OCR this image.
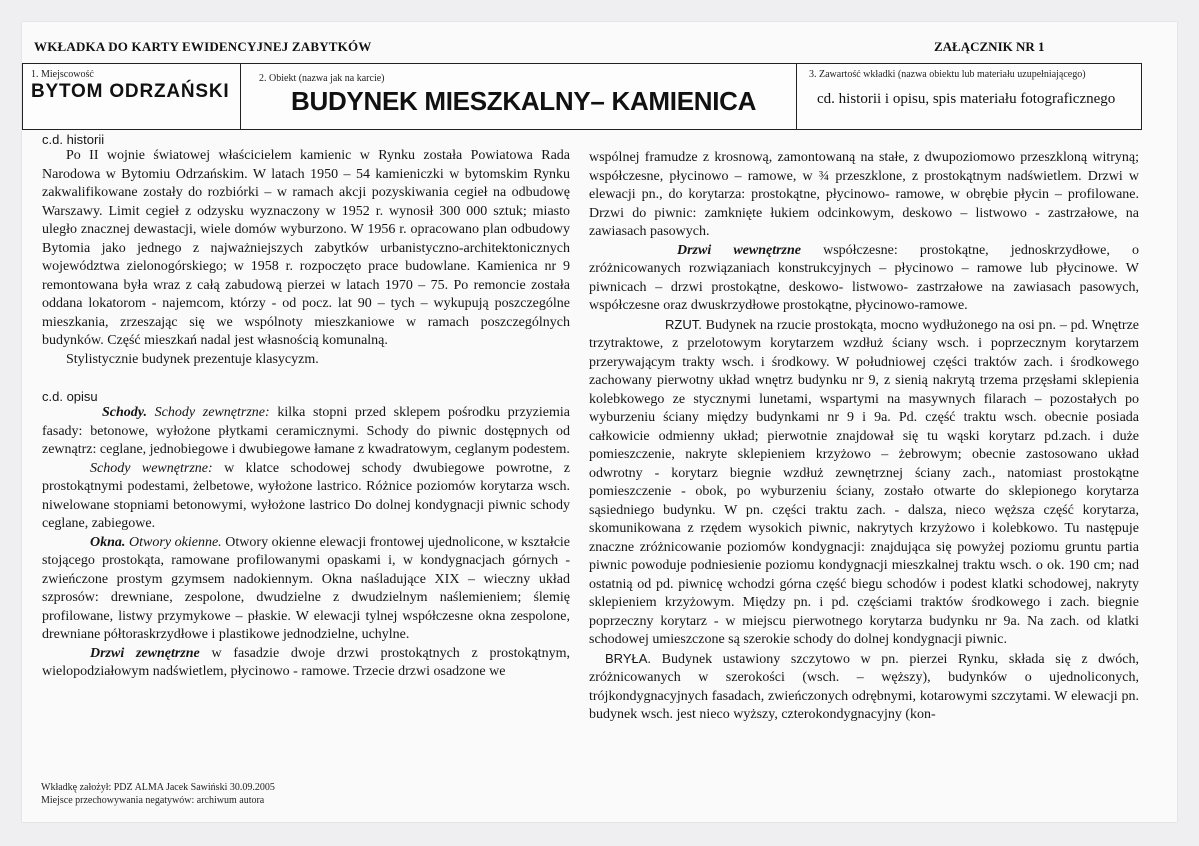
WKŁADKA DO KARTY EWIDENCYJNEJ ZABYTKÓW	ZAŁĄCZNIK NR 1
1. Miejscowość
BYTOM ODRZAŃSKI
2. Obiekt (nazwa jak na karcie)
BUDYNEK MIESZKALNY– KAMIENICA
3. Zawartość wkładki (nazwa obiektu lub materiału uzupełniającego)
cd. historii i opisu, spis materiału fotograficznego

c.d. historii

Po II wojnie światowej właścicielem kamienic w Rynku została Powiatowa Rada Narodowa w Bytomiu Odrzańskim. W latach 1950 – 54 kamieniczki w bytomskim Rynku zakwalifikowane zostały do rozbiórki – w ramach akcji pozyskiwania cegieł na odbudowę Warszawy. Limit cegieł z odzysku wyznaczony w 1952 r. wynosił 300 000 sztuk; miasto uległo znacznej dewastacji, wiele domów wyburzono. W 1956 r. opracowano plan odbudowy Bytomia jako jednego z najważniejszych zabytków urbanistyczno-architektonicznych województwa zielonogórskiego; w 1958 r. rozpoczęto prace budowlane. Kamienica nr 9 remontowana była wraz z całą zabudową pierzei w latach 1970 – 75. Po remoncie została oddana lokatorom - najemcom, którzy - od pocz. lat 90 – tych – wykupują poszczególne mieszkania, zrzeszając się we wspólnoty mieszkaniowe w ramach poszczególnych budynków. Część mieszkań nadal jest własnością komunalną.

Stylistycznie budynek prezentuje klasycyzm.

c.d. opisu

Schody. Schody zewnętrzne: kilka stopni przed sklepem pośrodku przyziemia fasady: betonowe, wyłożone płytkami ceramicznymi. Schody do piwnic dostępnych od zewnątrz: ceglane, jednobiegowe i dwubiegowe łamane z kwadratowym, ceglanym podestem.

Schody wewnętrzne: w klatce schodowej schody dwubiegowe powrotne, z prostokątnymi podestami, żelbetowe, wyłożone lastrico. Różnice poziomów korytarza wsch. niwelowane stopniami betonowymi, wyłożone lastrico Do dolnej kondygnacji piwnic schody ceglane, zabiegowe.

Okna. Otwory okienne. Otwory okienne elewacji frontowej ujednolicone, w kształcie stojącego prostokąta, ramowane profilowanymi opaskami i, w kondygnacjach górnych - zwieńczone prostym gzymsem nadokiennym. Okna naśladujące XIX – wieczny układ szprosów: drewniane, zespolone, dwudzielne z dwudzielnym naślemieniem; ślemię profilowane, listwy przymykowe – płaskie. W elewacji tylnej współczesne okna zespolone, drewniane półtoraskrzydłowe i plastikowe jednodzielne, uchylne.

Drzwi zewnętrzne w fasadzie dwoje drzwi prostokątnych z prostokątnym, wielopodziałowym nadświetlem, płycinowo - ramowe. Trzecie drzwi osadzone we

wspólnej framudze z krosnową, zamontowaną na stałe, z dwupoziomowo przeszkloną witryną; współczesne, płycinowo – ramowe, w ¾ przeszklone, z prostokątnym nadświetlem. Drzwi w elewacji pn., do korytarza: prostokątne, płycinowo- ramowe, w obrębie płycin – profilowane. Drzwi do piwnic: zamknięte łukiem odcinkowym, deskowo – listwowo - zastrzałowe, na zawiasach pasowych.

Drzwi wewnętrzne współczesne: prostokątne, jednoskrzydłowe, o zróżnicowanych rozwiązaniach konstrukcyjnych – płycinowo – ramowe lub płycinowe. W piwnicach – drzwi prostokątne, deskowo- listwowo- zastrzałowe na zawiasach pasowych, współczesne oraz dwuskrzydłowe prostokątne, płycinowo-ramowe.

RZUT. Budynek na rzucie prostokąta, mocno wydłużonego na osi pn. – pd. Wnętrze trzytraktowe, z przelotowym korytarzem wzdłuż ściany wsch. i poprzecznym korytarzem przerywającym trakty wsch. i środkowy. W południowej części traktów zach. i środkowego zachowany pierwotny układ wnętrz budynku nr 9, z sienią nakrytą trzema przęsłami sklepienia kolebkowego ze stycznymi lunetami, wspartymi na masywnych filarach – pozostałych po wyburzeniu ściany między budynkami nr 9 i 9a. Pd. część traktu wsch. obecnie posiada całkowicie odmienny układ; pierwotnie znajdował się tu wąski korytarz pd.zach. i duże pomieszczenie, nakryte sklepieniem krzyżowo – żebrowym; obecnie zastosowano układ odwrotny - korytarz biegnie wzdłuż zewnętrznej ściany zach., natomiast prostokątne pomieszczenie - obok, po wyburzeniu ściany, zostało otwarte do sklepionego korytarza sąsiedniego budynku. W pn. części traktu zach. - dalsza, nieco węższa część korytarza, skomunikowana z rzędem wysokich piwnic, nakrytych krzyżowo i kolebkowo. Tu następuje znaczne zróżnicowanie poziomów kondygnacji: znajdująca się powyżej poziomu gruntu partia piwnic powoduje podniesienie poziomu kondygnacji mieszkalnej traktu wsch. o ok. 190 cm; nad ostatnią od pd. piwnicę wchodzi górna część biegu schodów i podest klatki schodowej, nakryty sklepieniem krzyżowym. Między pn. i pd. częściami traktów środkowego i zach. biegnie poprzeczny korytarz - w miejscu pierwotnego korytarza budynku nr 9a. Na zach. od klatki schodowej umieszczone są szerokie schody do dolnej kondygnacji piwnic.

BRYŁA. Budynek ustawiony szczytowo w pn. pierzei Rynku, składa się z dwóch, zróżnicowanych w szerokości (wsch. – węższy), budynków o ujednoliconych, trójkondygnacyjnych fasadach, zwieńczonych odrębnymi, kotarowymi szczytami. W elewacji pn. budynek wsch. jest nieco wyższy, czterokondygnacyjny (kon-

Wkładkę założył: PDZ ALMA Jacek Sawiński 30.09.2005
Miejsce przechowywania negatywów: archiwum autora
